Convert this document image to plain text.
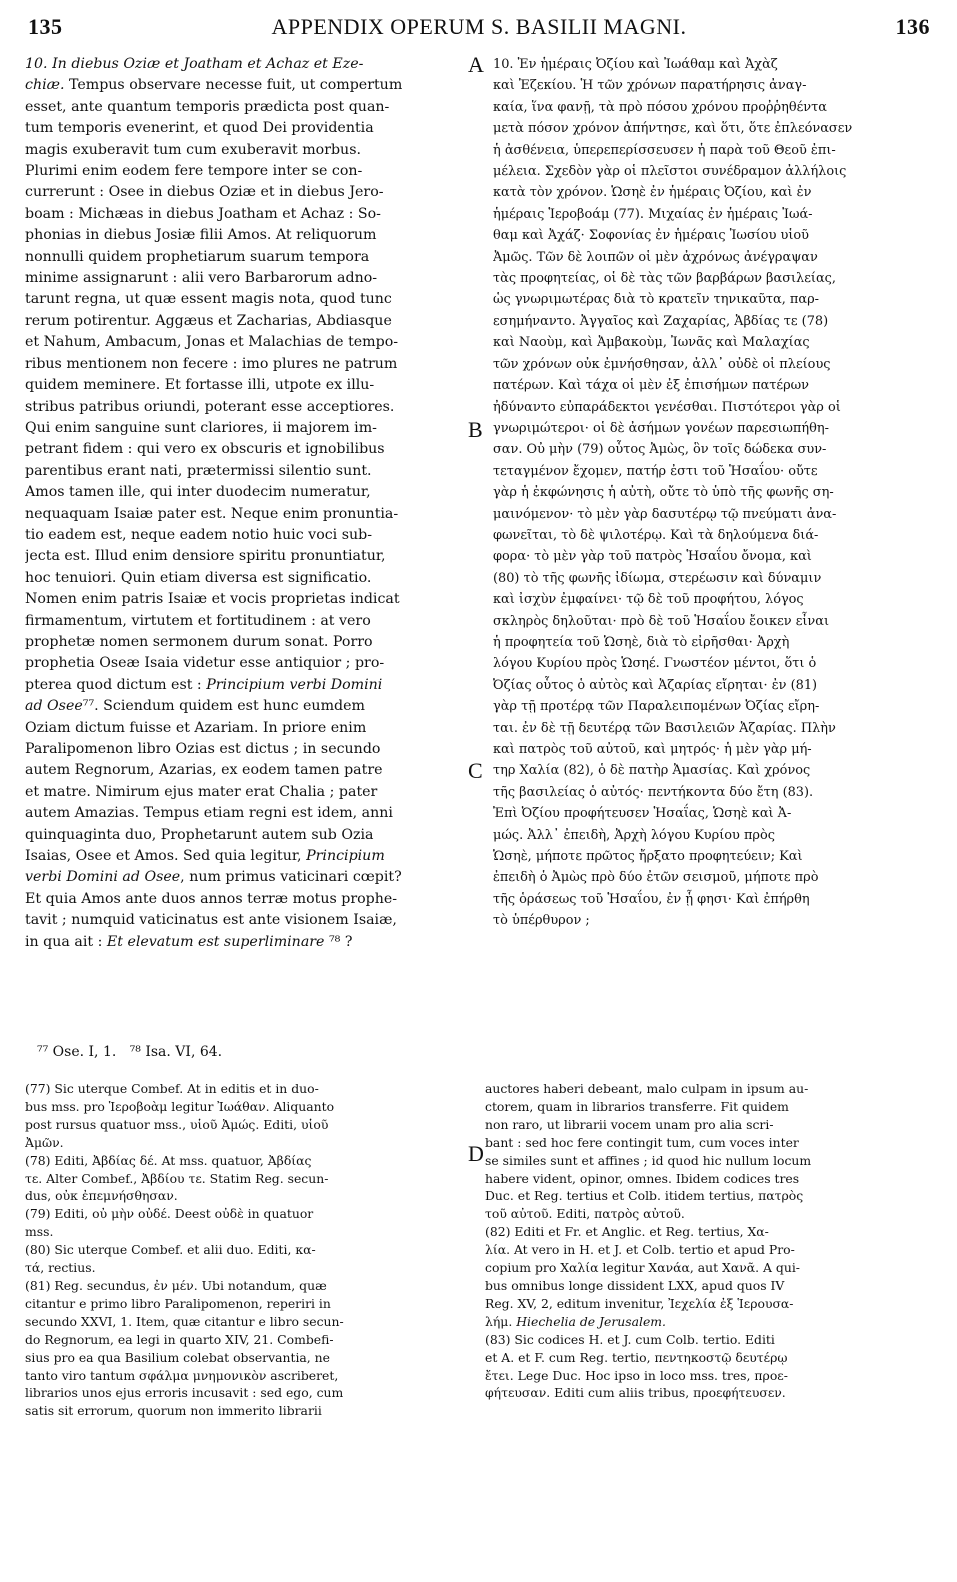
135	APPENDIX OPERUM S. BASILII MAGNI.	136
A
B
C
D
10. In diebus Oziæ et Joatham et Achaz et Eze-
chiæ. Tempus observare necesse fuit, ut compertum
esset, ante quantum temporis prædicta post quan-
tum temporis evenerint, et quod Dei providentia
magis exuberavit tum cum exuberavit morbus.
Plurimi enim eodem fere tempore inter se con-
currerunt : Osee in diebus Oziæ et in diebus Jero-
boam : Michæas in diebus Joatham et Achaz : So-
phonias in diebus Josiæ filii Amos. At reliquorum
nonnulli quidem prophetiarum suarum tempora
minime assignarunt : alii vero Barbarorum adno-
tarunt regna, ut quæ essent magis nota, quod tunc
rerum potirentur. Aggæus et Zacharias, Abdiasque
et Nahum, Ambacum, Jonas et Malachias de tempo-
ribus mentionem non fecere : imo plures ne patrum
quidem meminere. Et fortasse illi, utpote ex illu-
stribus patribus oriundi, poterant esse acceptiores.
Qui enim sanguine sunt clariores, ii majorem im-
petrant fidem : qui vero ex obscuris et ignobilibus
parentibus erant nati, prætermissi silentio sunt.
Amos tamen ille, qui inter duodecim numeratur,
nequaquam Isaiæ pater est. Neque enim pronuntia-
tio eadem est, neque eadem notio huic voci sub-
jecta est. Illud enim densiore spiritu pronuntiatur,
hoc tenuiori. Quin etiam diversa est significatio.
Nomen enim patris Isaiæ et vocis proprietas indicat
firmamentum, virtutem et fortitudinem : at vero
prophetæ nomen sermonem durum sonat. Porro
prophetia Oseæ Isaia videtur esse antiquior ; pro-
pterea quod dictum est : Principium verbi Domini
ad Osee⁷⁷. Sciendum quidem est hunc eumdem
Oziam dictum fuisse et Azariam. In priore enim
Paralipomenon libro Ozias est dictus ; in secundo
autem Regnorum, Azarias, ex eodem tamen patre
et matre. Nimirum ejus mater erat Chalia ; pater
autem Amazias. Tempus etiam regni est idem, anni
quinquaginta duo, Prophetarunt autem sub Ozia
Isaias, Osee et Amos. Sed quia legitur, Principium
verbi Domini ad Osee, num primus vaticinari cœpit?
Et quia Amos ante duos annos terræ motus prophe-
tavit ; numquid vaticinatus est ante visionem Isaiæ,
in qua ait : Et elevatum est superliminare ⁷⁸ ?
10. Ἐν ἡμέραις Ὀζίου καὶ Ἰωάθαμ καὶ Ἀχὰζ
καὶ Ἐζεκίου. Ἡ τῶν χρόνων παρατήρησις ἀναγ-
καία, ἵνα φανῇ, τὰ πρὸ πόσου χρόνου προῤῥηθέντα
μετὰ πόσον χρόνον ἀπήντησε, καὶ ὅτι, ὅτε ἐπλεόνασεν
ἡ ἀσθένεια, ὑπερεπερίσσευσεν ἡ παρὰ τοῦ Θεοῦ ἐπι-
μέλεια. Σχεδὸν γὰρ οἱ πλεῖστοι συνέδραμον ἀλλήλοις
κατὰ τὸν χρόνον. Ὡσηὲ ἐν ἡμέραις Ὀζίου, καὶ ἐν
ἡμέραις Ἱεροβοάμ (77). Μιχαίας ἐν ἡμέραις Ἰωά-
θαμ καὶ Ἀχάζ· Σοφονίας ἐν ἡμέραις Ἰωσίου υἱοῦ
Ἀμῶς. Τῶν δὲ λοιπῶν οἱ μὲν ἀχρόνως ἀνέγραψαν
τὰς προφητείας, οἱ δὲ τὰς τῶν βαρβάρων βασιλείας,
ὡς γνωριμωτέρας διὰ τὸ κρατεῖν τηνικαῦτα, παρ-
εσημήναντο. Ἀγγαῖος καὶ Ζαχαρίας, Ἀβδίας τε (78)
καὶ Ναοὺμ, καὶ Ἀμβακοὺμ, Ἰωνᾶς καὶ Μαλαχίας
τῶν χρόνων οὐκ ἐμνήσθησαν, ἀλλ᾽ οὐδὲ οἱ πλείους
πατέρων. Καὶ τάχα οἱ μὲν ἐξ ἐπισήμων πατέρων
ἠδύναντο εὐπαράδεκτοι γενέσθαι. Πιστότεροι γὰρ οἱ
γνωριμώτεροι· οἱ δὲ ἀσήμων γονέων παρεσιωπήθη-
σαν. Οὐ μὴν (79) οὗτος Ἀμὼς, ὃν τοῖς δώδεκα συν-
τεταγμένον ἔχομεν, πατήρ ἐστι τοῦ Ἡσαΐου· οὔτε
γὰρ ἡ ἐκφώνησις ἡ αὐτὴ, οὔτε τὸ ὑπὸ τῆς φωνῆς ση-
μαινόμενον· τὸ μὲν γὰρ δασυτέρῳ τῷ πνεύματι ἀνα-
φωνεῖται, τὸ δὲ ψιλοτέρῳ. Καὶ τὰ δηλούμενα διά-
φορα· τὸ μὲν γὰρ τοῦ πατρὸς Ἡσαΐου ὄνομα, καὶ
(80) τὸ τῆς φωνῆς ἰδίωμα, στερέωσιν καὶ δύναμιν
καὶ ἰσχὺν ἐμφαίνει· τῷ δὲ τοῦ προφήτου, λόγος
σκληρὸς δηλοῦται· πρὸ δὲ τοῦ Ἡσαΐου ἔοικεν εἶναι
ἡ προφητεία τοῦ Ὡσηὲ, διὰ τὸ εἰρῆσθαι· Ἀρχὴ
λόγου Κυρίου πρὸς Ὡσηέ. Γνωστέον μέντοι, ὅτι ὁ
Ὀζίας οὗτος ὁ αὐτὸς καὶ Ἀζαρίας εἴρηται· ἐν (81)
γὰρ τῇ προτέρᾳ τῶν Παραλειπομένων Ὀζίας εἴρη-
ται. ἐν δὲ τῇ δευτέρᾳ τῶν Βασιλειῶν Ἀζαρίας. Πλὴν
καὶ πατρὸς τοῦ αὐτοῦ, καὶ μητρός· ἡ μὲν γὰρ μή-
τηρ Χαλία (82), ὁ δὲ πατὴρ Ἀμασίας. Καὶ χρόνος
τῆς βασιλείας ὁ αὐτός· πεντήκοντα δύο ἔτη (83).
Ἐπὶ Ὀζίου προφήτευσεν Ἡσαΐας, Ὡσηὲ καὶ Ἀ-
μώς. Ἀλλ᾽ ἐπειδὴ, Ἀρχὴ λόγου Κυρίου πρὸς
Ὡσηὲ, μήποτε πρῶτος ἤρξατο προφητεύειν; Καὶ
ἐπειδὴ ὁ Ἀμὼς πρὸ δύο ἐτῶν σεισμοῦ, μήποτε πρὸ
τῆς ὁράσεως τοῦ Ἡσαΐου, ἐν ᾗ φησι· Καὶ ἐπήρθη
τὸ ὑπέρθυρον ;
⁷⁷ Ose. I, 1.   ⁷⁸ Isa. VI, 64.
(77) Sic uterque Combef. At in editis et in duo-
bus mss. pro Ἱεροβοὰμ legitur Ἰωάθαν. Aliquanto
post rursus quatuor mss., υἱοῦ Ἀμώς. Editi, υἱοῦ
Ἀμῶν.
(78) Editi, Ἀβδίας δέ. At mss. quatuor, Ἀβδίας
τε. Alter Combef., Ἀβδίου τε. Statim Reg. secun-
dus, οὐκ ἐπεμνήσθησαν.
(79) Editi, οὐ μὴν οὐδέ. Deest οὐδὲ in quatuor
mss.
(80) Sic uterque Combef. et alii duo. Editi, κα-
τά, rectius.
(81) Reg. secundus, ἐν μέν. Ubi notandum, quæ
citantur e primo libro Paralipomenon, reperiri in
secundo XXVI, 1. Item, quæ citantur e libro secun-
do Regnorum, ea legi in quarto XIV, 21. Combefi-
sius pro ea qua Basilium colebat observantia, ne
tanto viro tantum σφάλμα μνημονικὸν ascriberet,
librarios unos ejus erroris incusavit : sed ego, cum
satis sit errorum, quorum non immerito librarii
auctores haberi debeant, malo culpam in ipsum au-
ctorem, quam in librarios transferre. Fit quidem
non raro, ut librarii vocem unam pro alia scri-
bant : sed hoc fere contingit tum, cum voces inter
se similes sunt et affines ; id quod hic nullum locum
habere vident, opinor, omnes. Ibidem codices tres
Duc. et Reg. tertius et Colb. itidem tertius, πατρὸς
τοῦ αὐτοῦ. Editi, πατρὸς αὐτοῦ.
(82) Editi et Fr. et Anglic. et Reg. tertius, Χα-
λία. At vero in H. et J. et Colb. tertio et apud Pro-
copium pro Χαλία legitur Χανάα, aut Χανᾶ. A qui-
bus omnibus longe dissident LXX, apud quos IV
Reg. XV, 2, editum invenitur, Ἰεχελία ἐξ Ἱερουσα-
λήμ. Hiechelia de Jerusalem.
(83) Sic codices H. et J. cum Colb. tertio. Editi
et A. et F. cum Reg. tertio, πεντηκοστῷ δευτέρῳ
ἔτει. Lege Duc. Hoc ipso in loco mss. tres, προε-
φήτευσαν. Editi cum aliis tribus, προεφήτευσεν.
